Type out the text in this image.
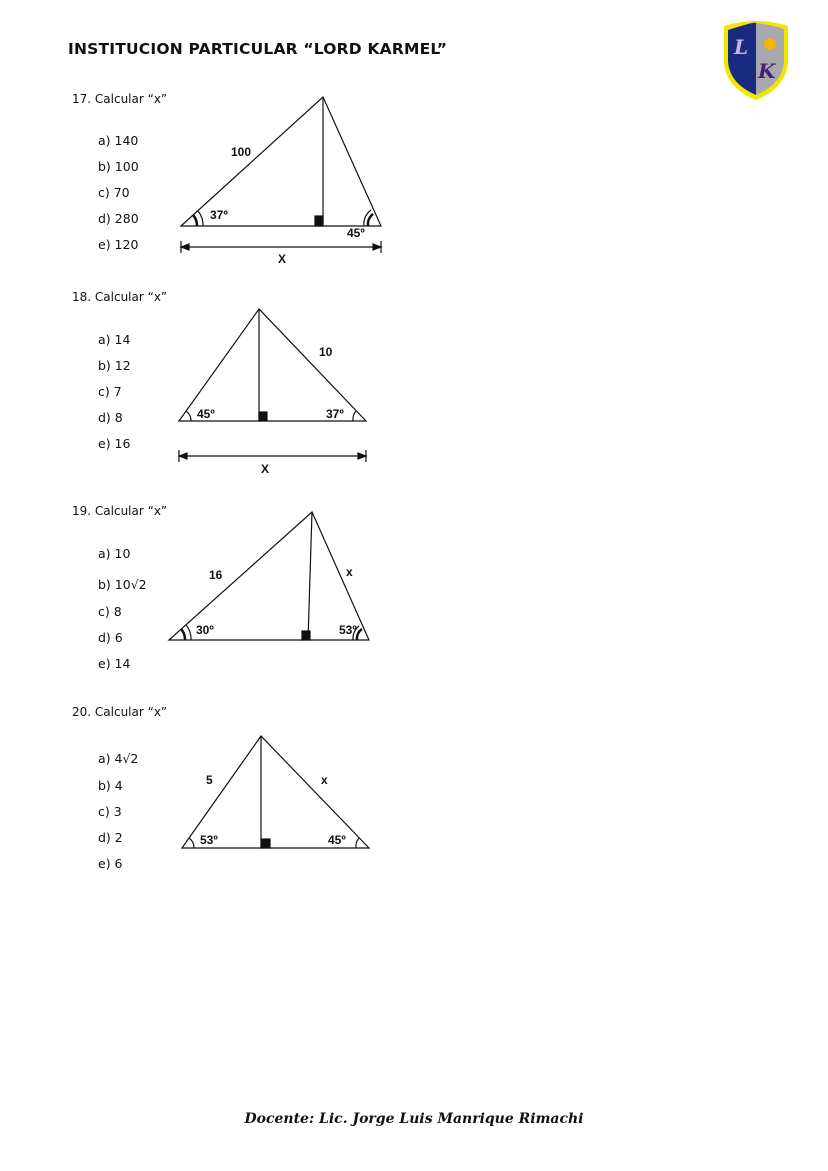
INSTITUCION PARTICULAR “LORD KARMEL”	L
K
17. Calcular “x”
a) 140
b) 100
c) 70
d) 280
e) 120
18. Calcular “x”
a) 14
b) 12
c) 7
d) 8
e) 16
19. Calcular “x”
a) 10
b) 10√2
c) 8
d) 6
e) 14
20. Calcular “x”
a) 4√2
b) 4
c) 3
d) 2
e) 6
100
37º
45º
X
10
45º	37º
X
16	x
30º	53º
5	x
53º	45º
Docente: Lic. Jorge Luis Manrique Rimachi
